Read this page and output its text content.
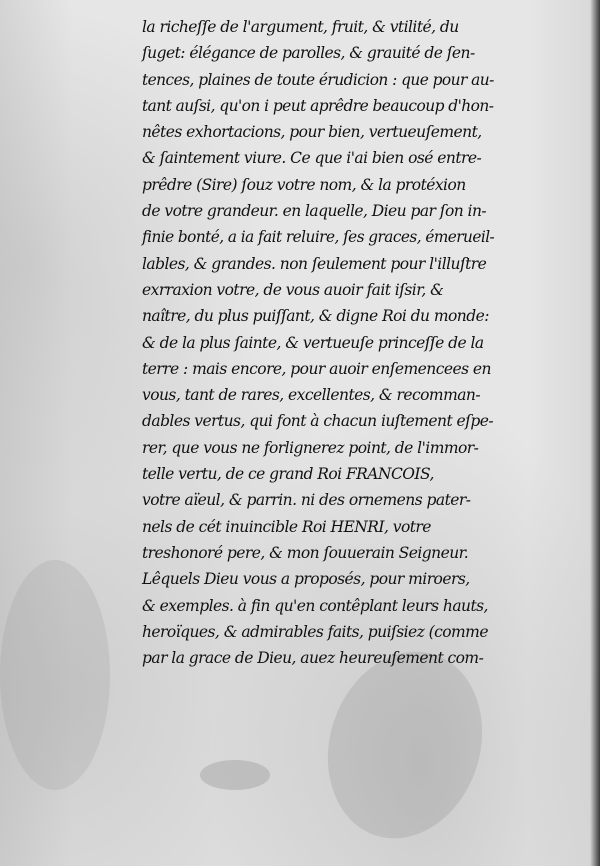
la richeſſe de l'argument, fruit, & vtilité, du
ſuget: élégance de parolles, & grauité de ſen-
tences, plaines de toute érudicion : que pour au-
tant auſsi, qu'on i peut aprêdre beaucoup d'hon-
nêtes exhortacions, pour bien, vertueuſement,
& ſaintement viure. Ce que i'ai bien osé entre-
prêdre (Sire) ſouz votre nom, & la protéxion
de votre grandeur. en laquelle, Dieu par ſon in-
finie bonté, a ia fait reluire, ſes graces, émerueil-
lables, & grandes. non ſeulement pour l'illuſtre
exrraxion votre, de vous auoir fait iſsir, &
naître, du plus puiſſant, & digne Roi du monde:
& de la plus ſainte, & vertueuſe princeſſe de la
terre : mais encore, pour auoir enſemencees en
vous, tant de rares, excellentes, & recomman-
dables vertus, qui font à chacun iuſtement eſpe-
rer, que vous ne forlignerez point, de l'immor-
telle vertu, de ce grand Roi FRANCOIS,
votre aïeul, & parrin. ni des ornemens pater-
nels de cét inuincible Roi HENRI, votre
treshonoré pere, & mon ſouuerain Seigneur.
Lêquels Dieu vous a proposés, pour miroers,
& exemples. à fin qu'en contêplant leurs hauts,
heroïques, & admirables faits, puiſsiez (comme
par la grace de Dieu, auez heureuſement com-
